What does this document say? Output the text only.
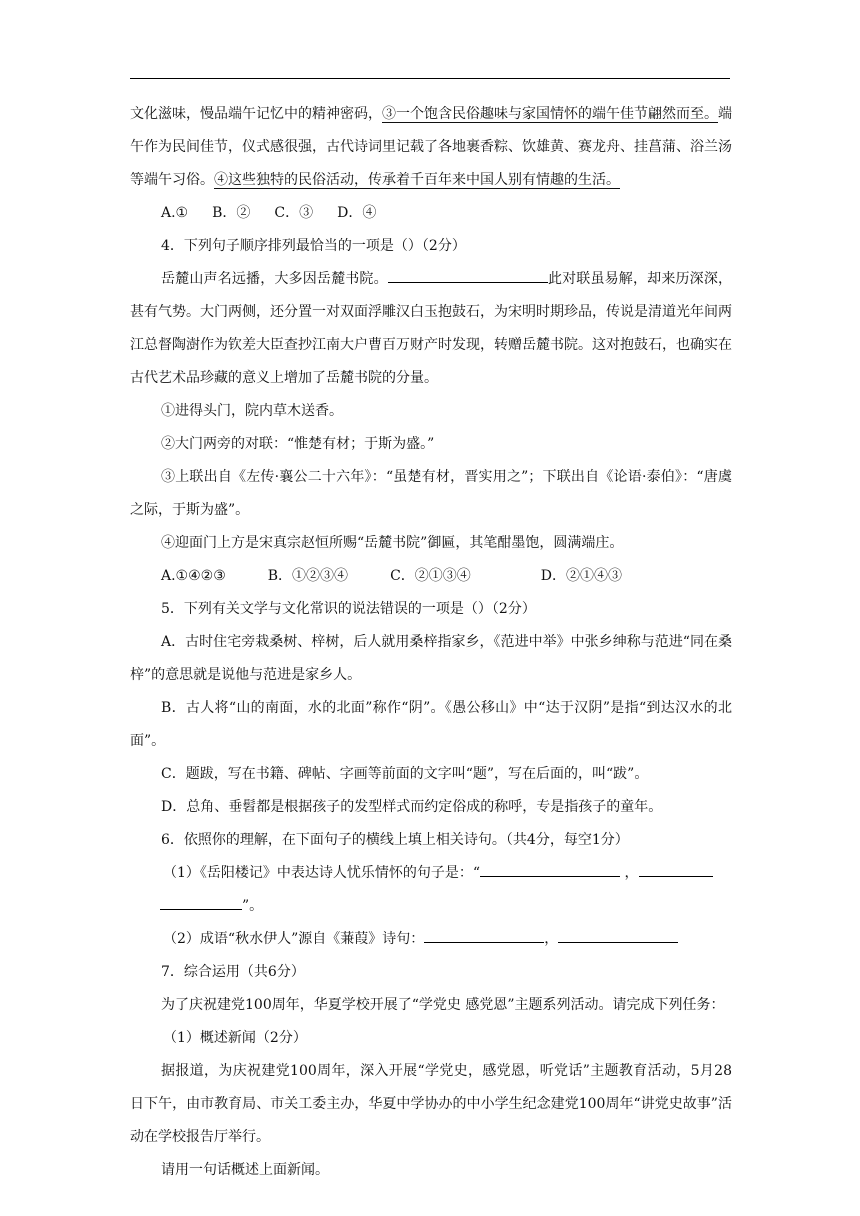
文化滋味，慢品端午记忆中的精神密码，③一个饱含民俗趣味与家国情怀的端午佳节翩然而至。端午作为民间佳节，仪式感很强，古代诗词里记载了各地裹香粽、饮雄黄、赛龙舟、挂菖蒲、浴兰汤等端午习俗。④这些独特的民俗活动，传承着千百年来中国人别有情趣的生活。

A.① B．② C．③ D．④

4．下列句子顺序排列最恰当的一项是（）（2分）

岳麓山声名远播，大多因岳麓书院。	此对联虽易解，却来历深深，甚有气势。大门两侧，还分置一对双面浮雕汉白玉抱鼓石，为宋明时期珍品，传说是清道光年间两江总督陶澍作为钦差大臣查抄江南大户曹百万财产时发现，转赠岳麓书院。这对抱鼓石，也确实在古代艺术品珍藏的意义上增加了岳麓书院的分量。

①进得头门，院内草木送香。

②大门两旁的对联：“惟楚有材；于斯为盛。”

③上联出自《左传·襄公二十六年》：“虽楚有材，晋实用之”；下联出自《论语·泰伯》：“唐虞之际，于斯为盛”。

④迎面门上方是宋真宗赵恒所赐“岳麓书院”御匾，其笔酣墨饱，圆满端庄。

A.①④②③	B．①②③④	C．②①③④	D．②①④③

5．下列有关文学与文化常识的说法错误的一项是（）（2分）

A．古时住宅旁栽桑树、梓树，后人就用桑梓指家乡，《范进中举》中张乡绅称与范进“同在桑梓”的意思就是说他与范进是家乡人。

B．古人将“山的南面，水的北面”称作“阴”。《愚公移山》中“达于汉阴”是指“到达汉水的北面”。

C．题跋，写在书籍、碑帖、字画等前面的文字叫“题”，写在后面的，叫“跋”。

D．总角、垂髫都是根据孩子的发型样式而约定俗成的称呼，专是指孩子的童年。

6．依照你的理解，在下面句子的横线上填上相关诗句。（共4分，每空1分）

（1）《岳阳楼记》中表达诗人忧乐情怀的句子是：“	，
”。

（2）成语“秋水伊人”源自《蒹葭》诗句：	，

7．综合运用（共6分）

为了庆祝建党100周年，华夏学校开展了“学党史 感党恩”主题系列活动。请完成下列任务：

（1）概述新闻（2分）

据报道，为庆祝建党100周年，深入开展“学党史，感党恩，听党话”主题教育活动，5月28日下午，由市教育局、市关工委主办，华夏中学协办的中小学生纪念建党100周年“讲党史故事”活动在学校报告厅举行。

请用一句话概述上面新闻。
